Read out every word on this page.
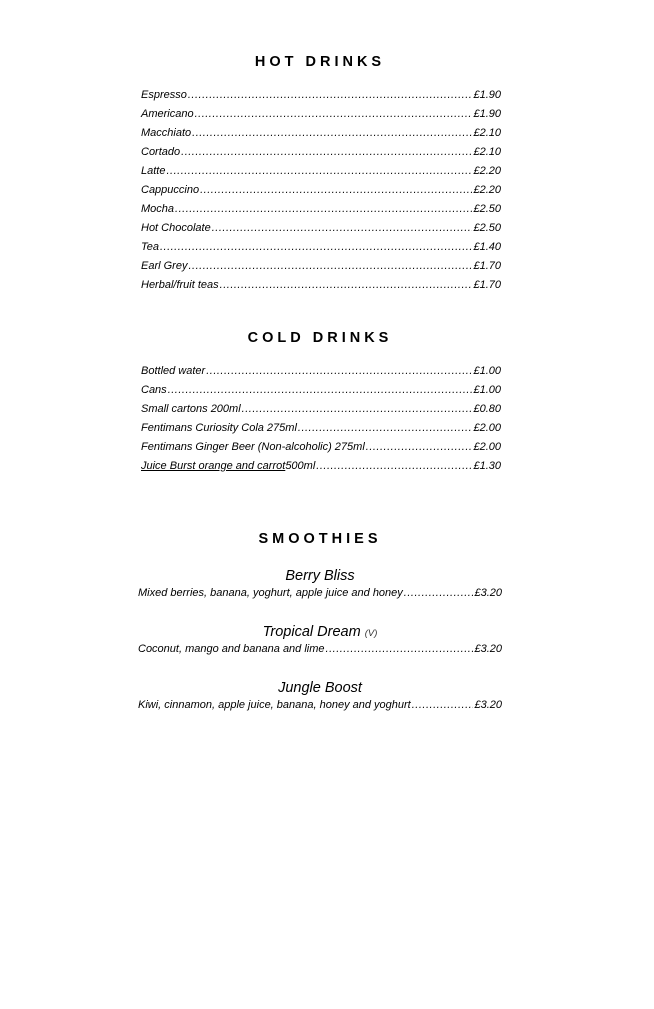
HOT DRINKS
Espresso .....	£1.90
Americano .....	£1.90
Macchiato .....	£2.10
Cortado .....	£2.10
Latte .....	£2.20
Cappuccino .....	£2.20
Mocha .....	£2.50
Hot Chocolate .....	£2.50
Tea .....	£1.40
Earl Grey .....	£1.70
Herbal/fruit teas .....	£1.70
COLD DRINKS
Bottled water .....	£1.00
Cans .....	£1.00
Small cartons 200ml .....	£0.80
Fentimans Curiosity Cola 275ml .....	£2.00
Fentimans Ginger Beer (Non-alcoholic) 275ml .....	£2.00
Juice Burst orange and carrot 500ml .....	£1.30
SMOOTHIES
Berry Bliss
Mixed berries, banana, yoghurt, apple juice and honey .....	£3.20
Tropical Dream (V)
Coconut, mango and banana and lime .....	£3.20
Jungle Boost
Kiwi, cinnamon, apple juice, banana, honey and yoghurt .....	£3.20
